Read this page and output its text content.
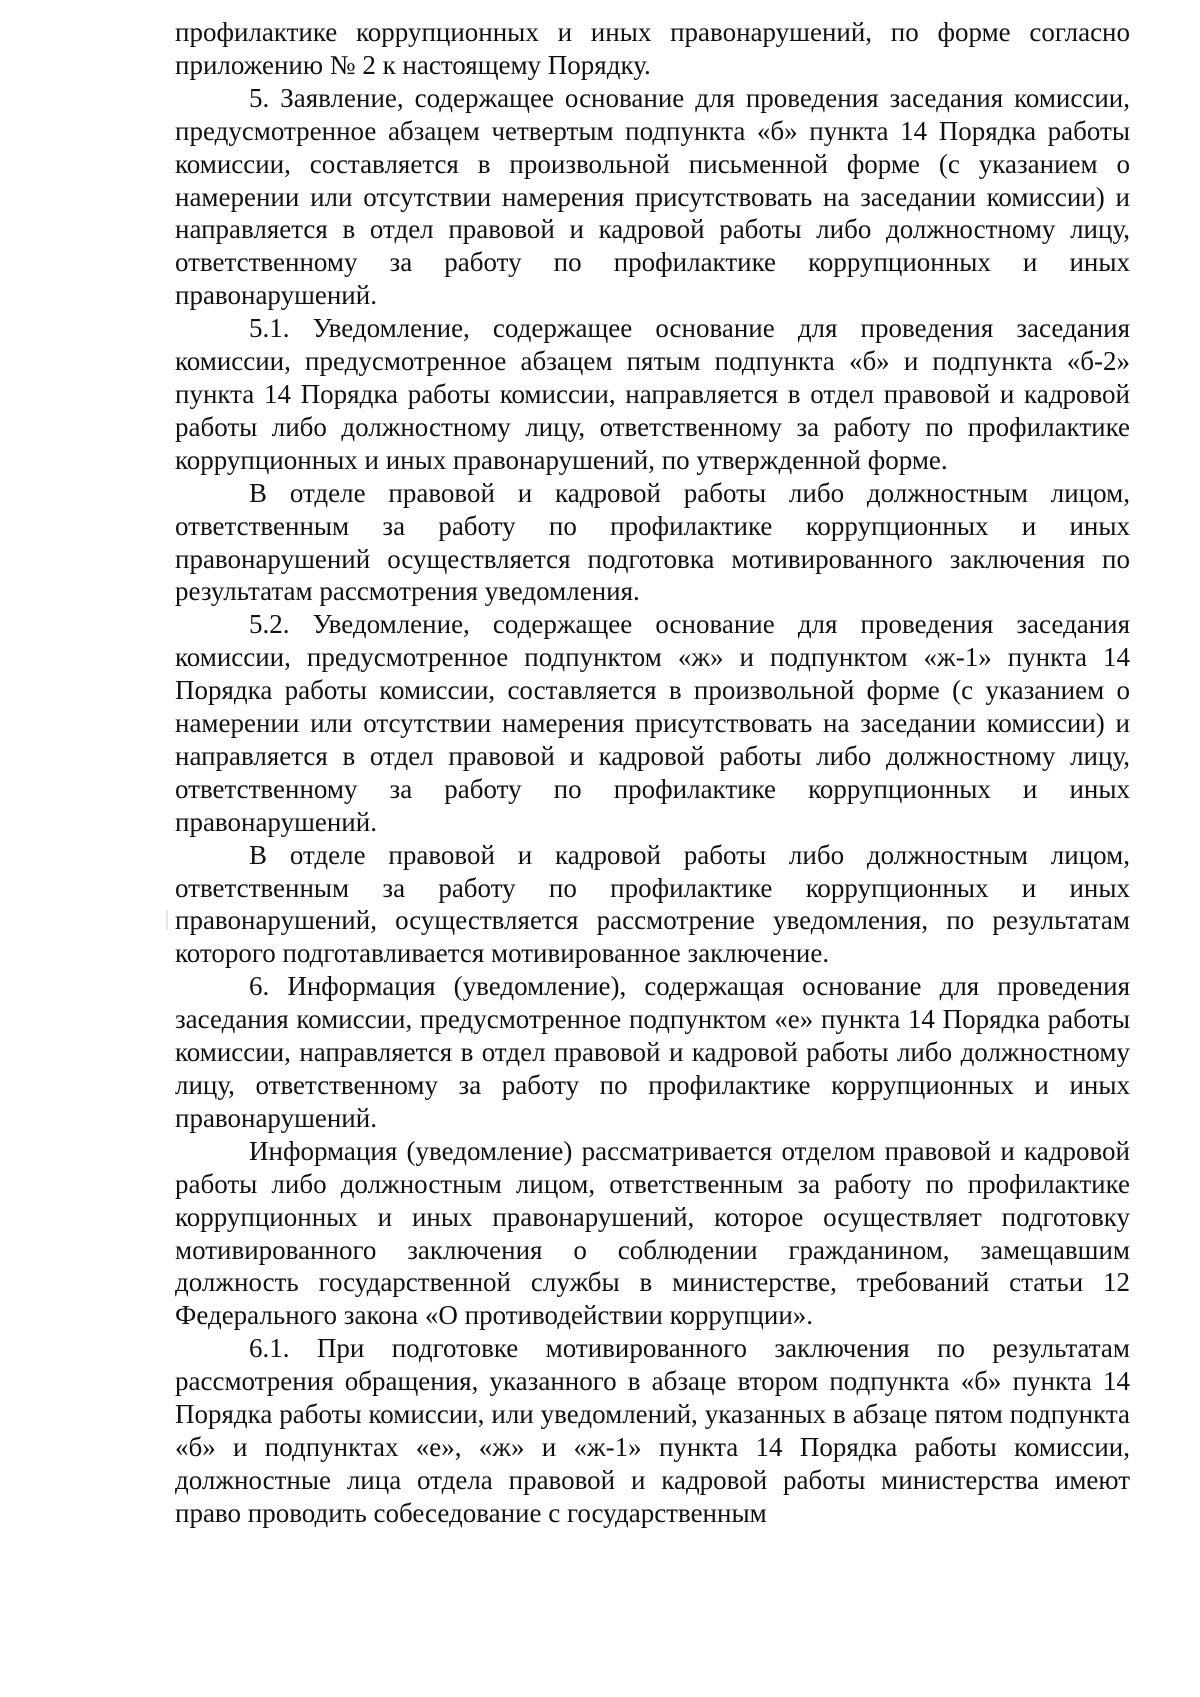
профилактике коррупционных и иных правонарушений, по форме согласно приложению № 2 к настоящему Порядку.

5. Заявление, содержащее основание для проведения заседания комиссии, предусмотренное абзацем четвертым подпункта «б» пункта 14 Порядка работы комиссии, составляется в произвольной письменной форме (с указанием о намерении или отсутствии намерения присутствовать на заседании комиссии) и направляется в отдел правовой и кадровой работы либо должностному лицу, ответственному за работу по профилактике коррупционных и иных правонарушений.

5.1. Уведомление, содержащее основание для проведения заседания комиссии, предусмотренное абзацем пятым подпункта «б» и подпункта «б-2» пункта 14 Порядка работы комиссии, направляется в отдел правовой и кадровой работы либо должностному лицу, ответственному за работу по профилактике коррупционных и иных правонарушений, по утвержденной форме.

В отделе правовой и кадровой работы либо должностным лицом, ответственным за работу по профилактике коррупционных и иных правонарушений осуществляется подготовка мотивированного заключения по результатам рассмотрения уведомления.

5.2. Уведомление, содержащее основание для проведения заседания комиссии, предусмотренное подпунктом «ж» и подпунктом «ж-1» пункта 14 Порядка работы комиссии, составляется в произвольной форме (с указанием о намерении или отсутствии намерения присутствовать на заседании комиссии) и направляется в отдел правовой и кадровой работы либо должностному лицу, ответственному за работу по профилактике коррупционных и иных правонарушений.

В отделе правовой и кадровой работы либо должностным лицом, ответственным за работу по профилактике коррупционных и иных правонарушений, осуществляется рассмотрение уведомления, по результатам которого подготавливается мотивированное заключение.

6. Информация (уведомление), содержащая основание для проведения заседания комиссии, предусмотренное подпунктом «е» пункта 14 Порядка работы комиссии, направляется в отдел правовой и кадровой работы либо должностному лицу, ответственному за работу по профилактике коррупционных и иных правонарушений.

Информация (уведомление) рассматривается отделом правовой и кадровой работы либо должностным лицом, ответственным за работу по профилактике коррупционных и иных правонарушений, которое осуществляет подготовку мотивированного заключения о соблюдении гражданином, замещавшим должность государственной службы в министерстве, требований статьи 12 Федерального закона «О противодействии коррупции».

6.1. При подготовке мотивированного заключения по результатам рассмотрения обращения, указанного в абзаце втором подпункта «б» пункта 14 Порядка работы комиссии, или уведомлений, указанных в абзаце пятом подпункта «б» и подпунктах «е», «ж» и «ж-1» пункта 14 Порядка работы комиссии, должностные лица отдела правовой и кадровой работы министерства имеют право проводить собеседование с государственным
